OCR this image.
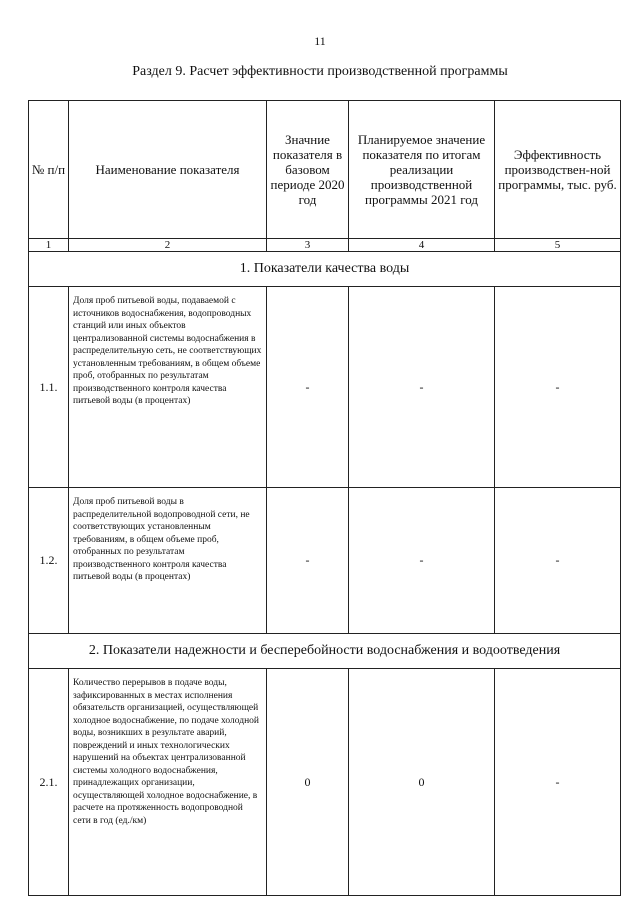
11
Раздел 9. Расчет эффективности производственной программы
№ п/п	Наименование показателя	Значние показателя в базовом периоде 2020 год	Планируемое значение показателя по итогам реализации производственной программы 2021 год	Эффективность производствен-ной программы, тыс. руб.
1	2	3	4	5
1. Показатели качества воды				
1.1.	Доля проб питьевой воды, подаваемой с источников водоснабжения, водопроводных станций или иных объектов централизованной системы водоснабжения в распределительную сеть, не соответствующих установленным требованиям, в общем объеме проб, отобранных по результатам производственного контроля качества питьевой воды (в процентах)	-	-	-
1.2.	Доля проб питьевой воды в распределительной водопроводной сети, не соответствующих установленным требованиям, в общем объеме проб, отобранных по результатам производственного контроля качества питьевой воды (в процентах)	-	-	-
2. Показатели надежности и бесперебойности водоснабжения и водоотведения				
2.1.	Количество перерывов в подаче воды, зафиксированных в местах исполнения обязательств организацией, осуществляющей холодное водоснабжение, по подаче холодной воды, возникших в результате аварий, повреждений и иных технологических нарушений на объектах централизованной системы холодного водоснабжения, принадлежащих организации, осуществляющей холодное водоснабжение, в расчете на протяженность водопроводной сети в год (ед./км)	0	0	-
